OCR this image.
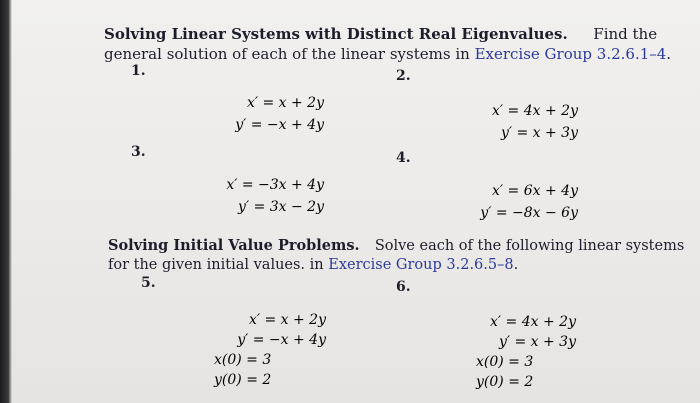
Solving Linear Systems with Distinct Real Eigenvalues. Find the
general solution of each of the linear systems in Exercise Group 3.2.6.1–4.
1.	2.
x′ = x + 2y
y′ = −x + 4y
x′ = 4x + 2y
y′ = x + 3y
3.	4.
x′ = −3x + 4y
y′ = 3x − 2y
x′ = 6x + 4y
y′ = −8x − 6y
Solving Initial Value Problems. Solve each of the following linear systems
for the given initial values. in Exercise Group 3.2.6.5–8.
5.	6.
x′ = x + 2y
y′ = −x + 4y
x(0) = 3
y(0) = 2
x′ = 4x + 2y
y′ = x + 3y
x(0) = 3
y(0) = 2
